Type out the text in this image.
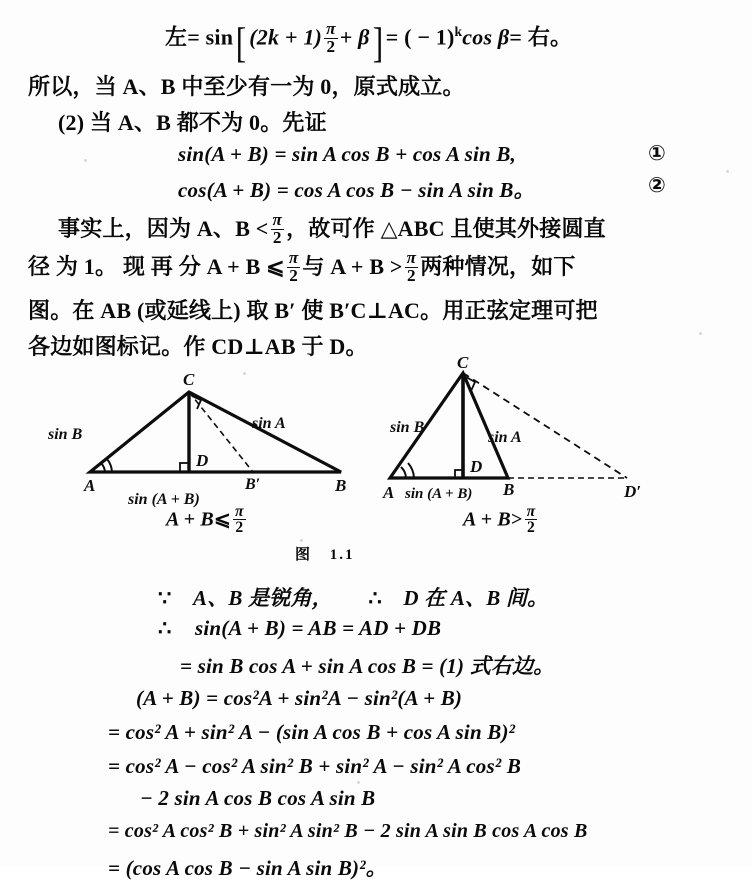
左= sin[ $(2k + 1) \frac{\pi}{2} + \beta$] = ( − 1)$^k$cos β= 右。
所以，当 A、B 中至少有一为 0，原式成立。
(2) 当 A、B 都不为 0。先证
sin(A + B) = sin A cos B + cos A sin B,	①
cos(A + B) = cos A cos B − sin A sin B。	②
事实上，因为 A、$B < \frac{\pi}{2}$ ，故可作 △ABC 且使其外接圆直
径 为 1。 现 再 分 A + B ⩽ $\frac{\pi}{2}$ 与 $A + B > \frac{\pi}{2}$ 两种情况，如下
图。在 AB (或延线上) 取 B′ 使 B′C⊥AC。用正弦定理可把
各边如图标记。作 CD⊥AB 于 D。
A	B
C
D
B′
sin B
sin A
sin (A + B)
A + B⩽ $\frac{\pi}{2}$
A	B
C
D
D′
sin B
sin A
sin (A + B)
$A + B> \frac{\pi}{2}$
图 1.1
∵ A、B 是锐角， ∴ D 在 A、B 间。
∴ sin(A + B) = AB = AD + DB
= sin B cos A + sin A cos B = (1) 式右边。
(A + B) = cos²A + sin²A − sin²(A + B)
= cos² A + sin² A − (sin A cos B + cos A sin B)²
= cos² A − cos² A sin² B + sin² A − sin² A cos² B
− 2 sin A cos B cos A sin B
= cos² A cos² B + sin² A sin² B − 2 sin A sin B cos A cos B
= (cos A cos B − sin A sin B)²。
